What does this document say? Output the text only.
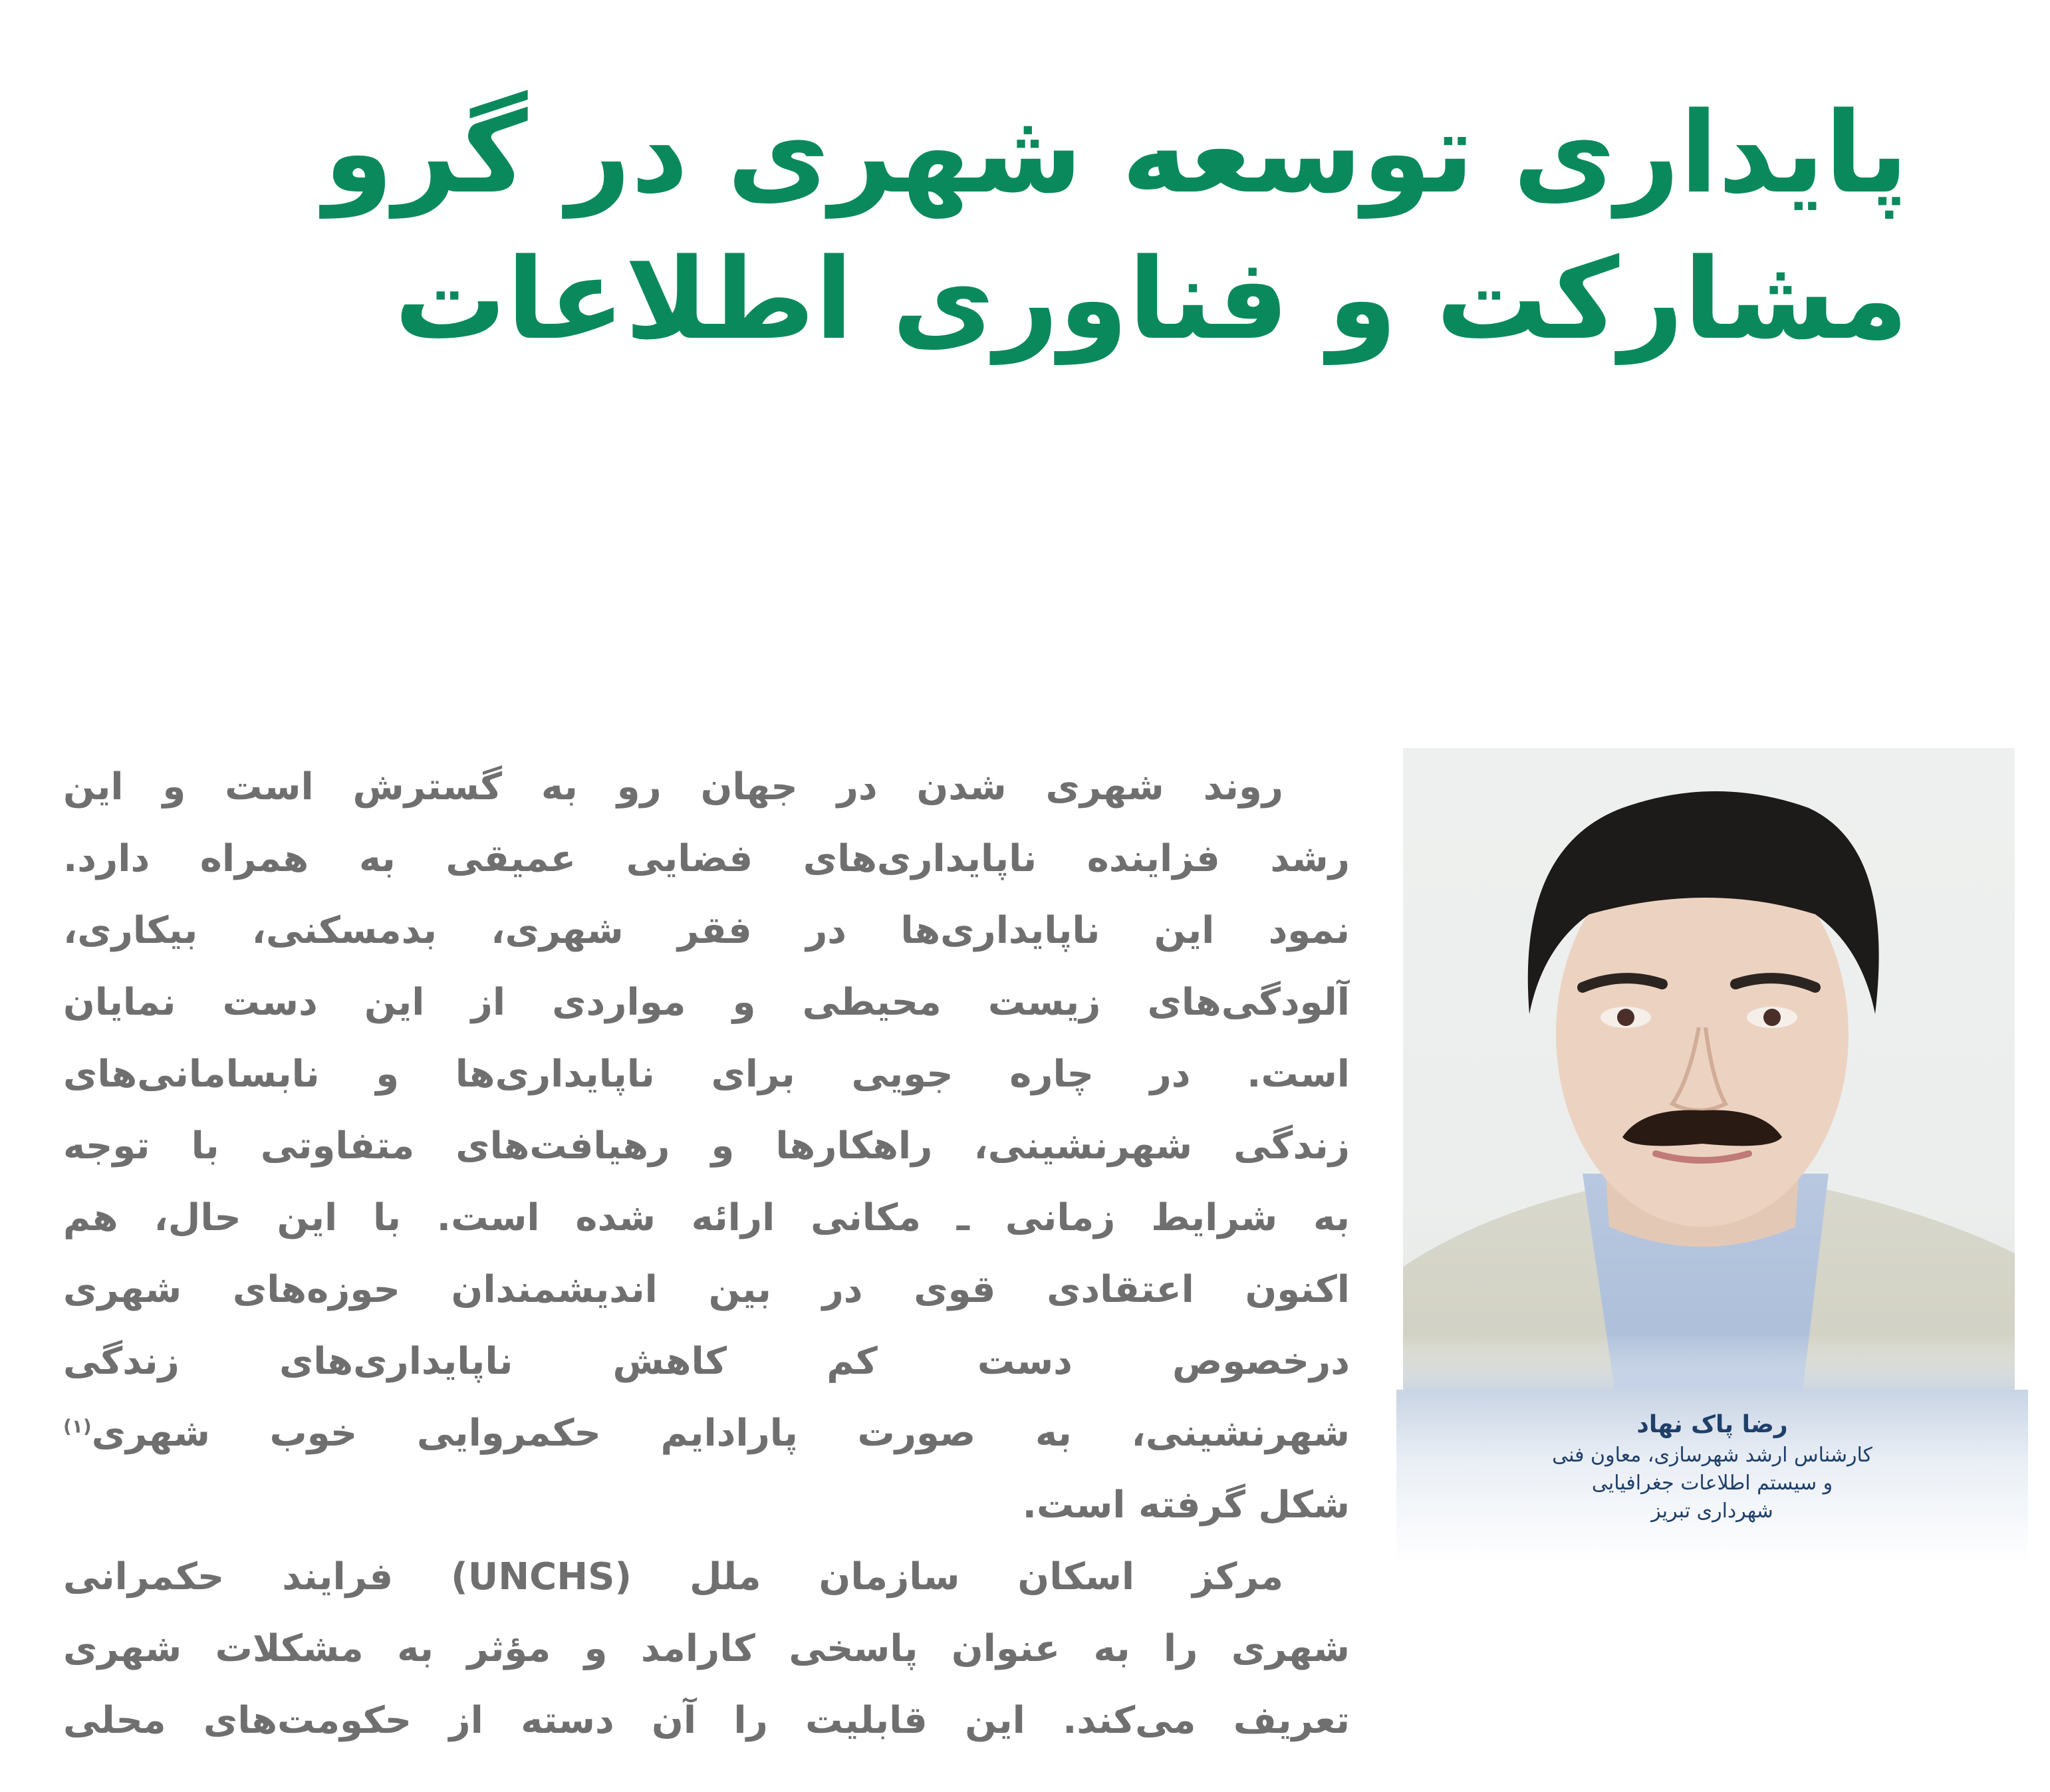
پایداری توسعه شهری در گرو
مشارکت و فناوری اطلاعات
روند شهری شدن در جهان رو به گسترش است و این
رشد فزاینده ناپایداری‌های فضایی عمیقی به همراه دارد.
نمود این ناپایداری‌ها در فقر شهری، بدمسکنی، بیکاری،
آلودگی‌های زیست محیطی و مواردی از این دست نمایان
است. در چاره جویی برای ناپایداری‌ها و نابسامانی‌های
زندگی شهرنشینی، راهکارها و رهیافت‌های متفاوتی با توجه
به شرایط زمانی ـ مکانی ارائه شده است. با این حال، هم
اکنون اعتقادی قوی در بین اندیشمندان حوزه‌های شهری
درخصوص دست کم کاهش ناپایداری‌های زندگی
شهرنشینی، به صورت پارادایم حکمروایی خوب شهری$^{(۱)}$
شکل گرفته است.
مرکز اسکان سازمان ملل (UNCHS) فرایند حکمرانی
شهری را به عنوان پاسخی کارامد و مؤثر به مشکلات شهری
تعریف می‌کند. این قابلیت را آن دسته از حکومت‌های محلی
رضا پاک نهاد
کارشناس ارشد شهرسازی، معاون فنی
و سیستم اطلاعات جغرافیایی
شهرداری تبریز
